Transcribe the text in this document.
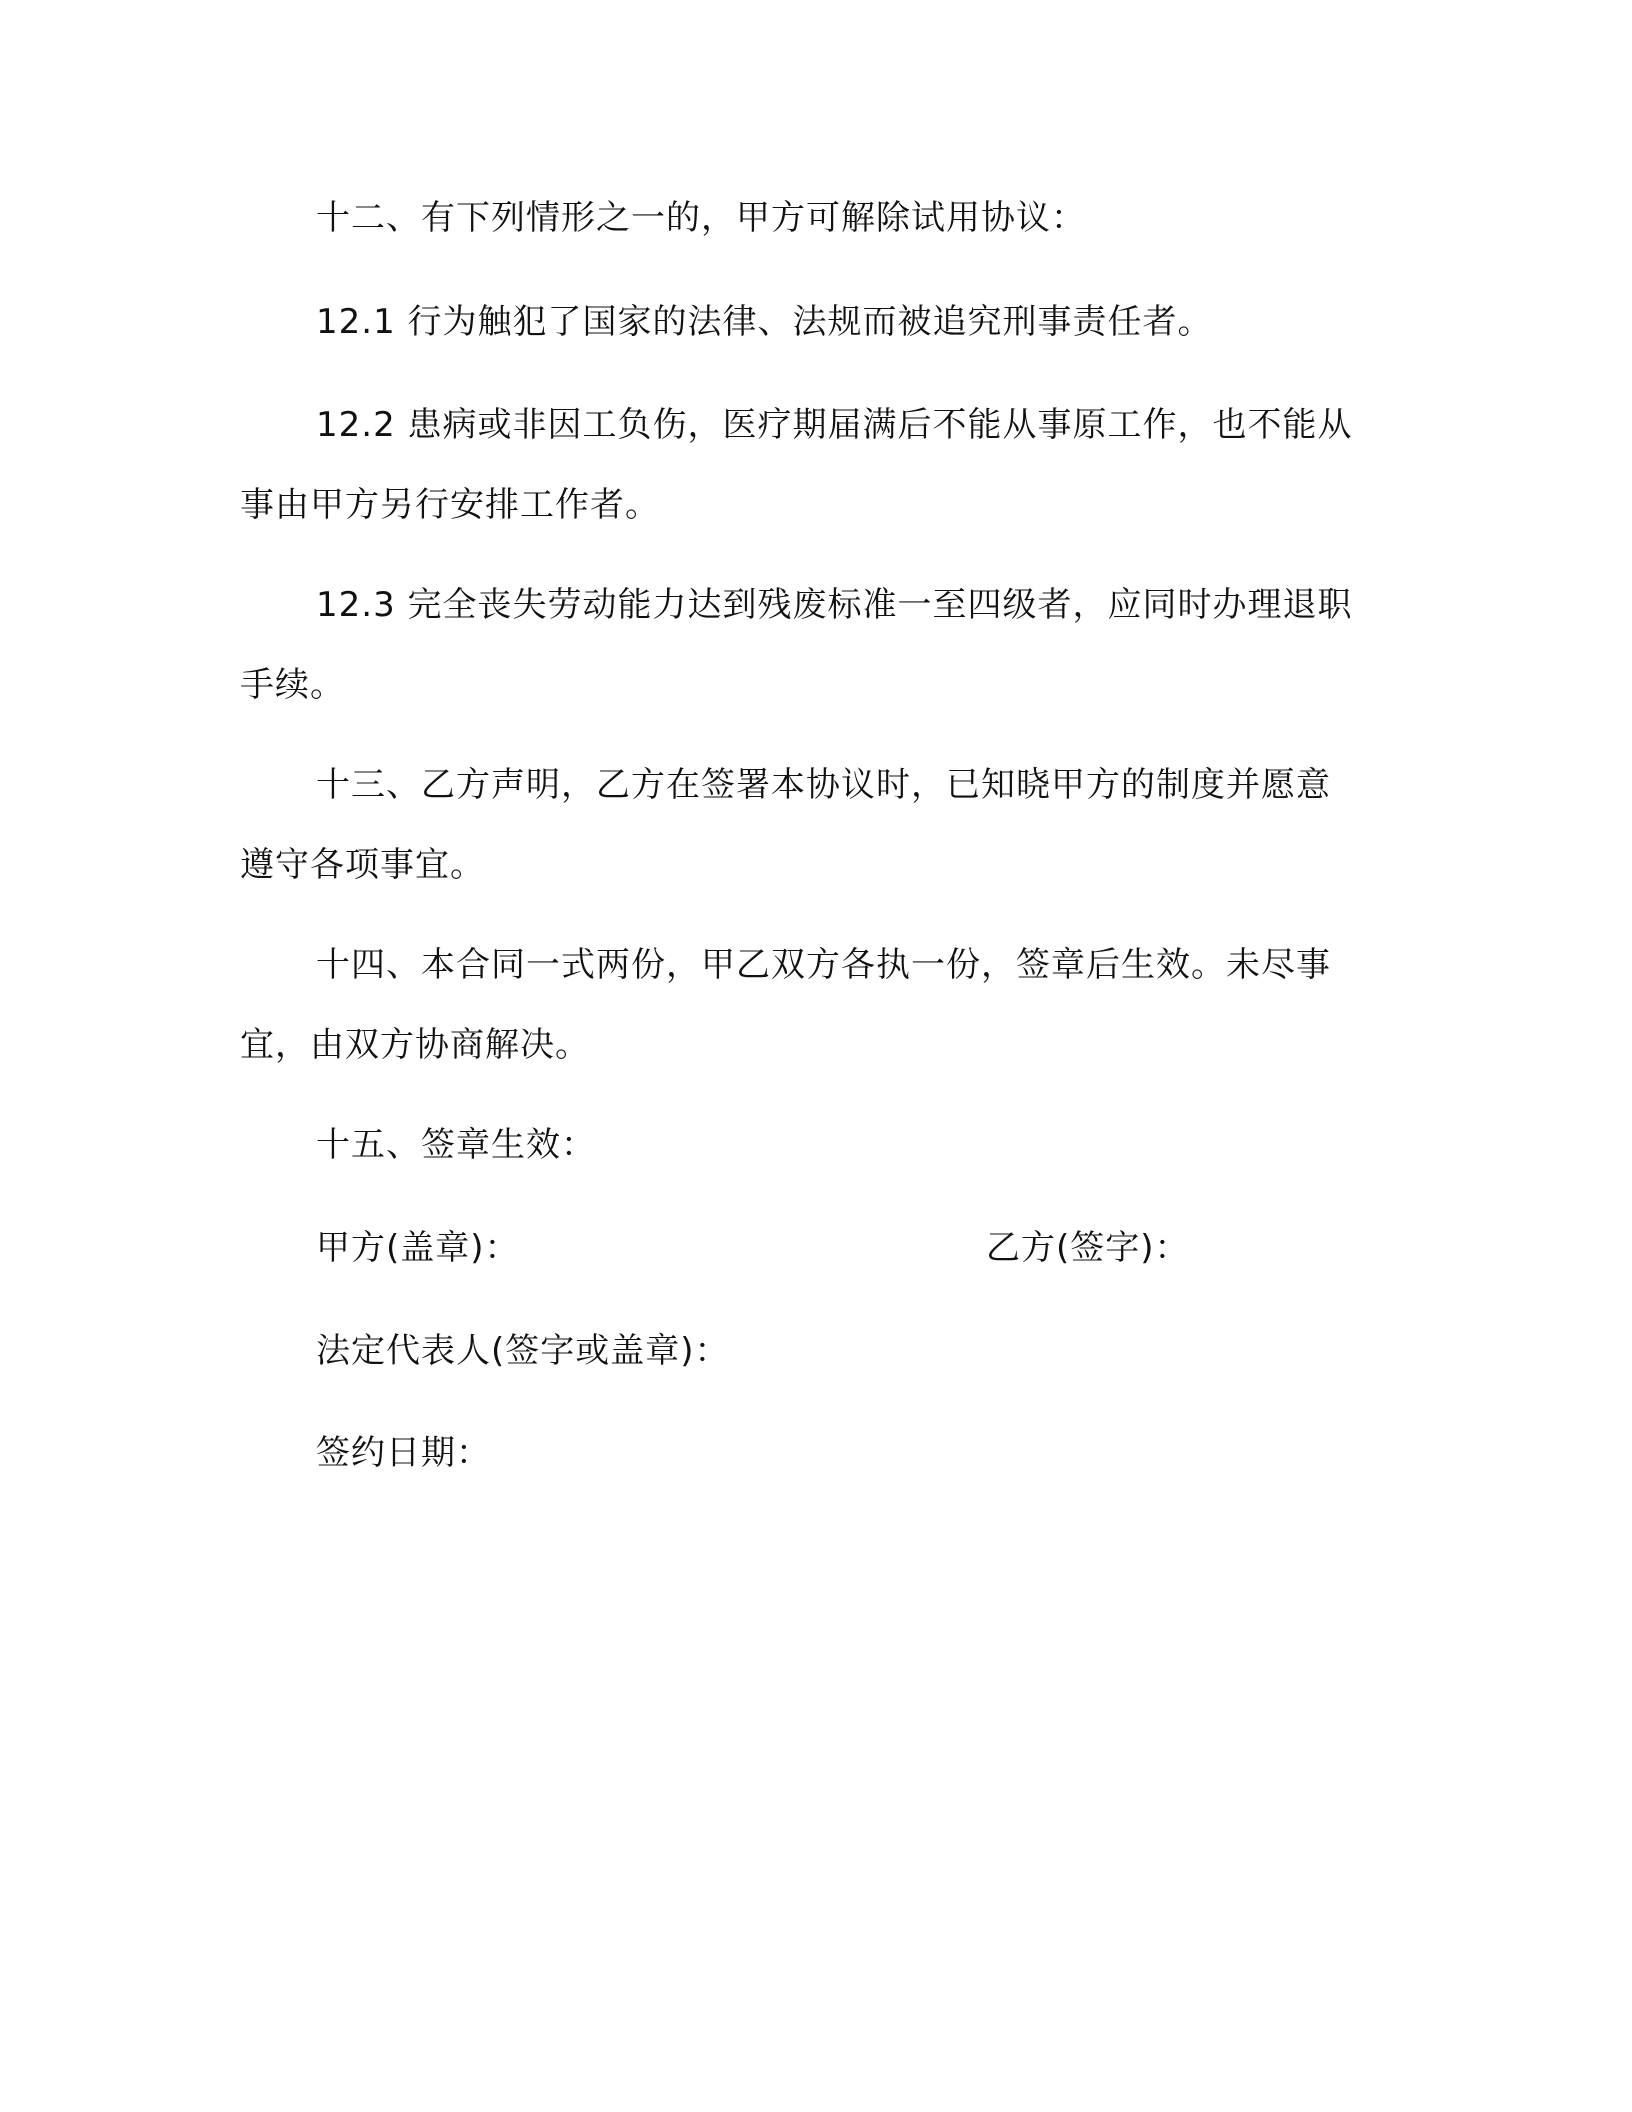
十二、有下列情形之一的，甲方可解除试用协议：

12.1 行为触犯了国家的法律、法规而被追究刑事责任者。

12.2 患病或非因工负伤，医疗期届满后不能从事原工作，也不能从事由甲方另行安排工作者。

12.3 完全丧失劳动能力达到残废标准一至四级者，应同时办理退职手续。

十三、乙方声明，乙方在签署本协议时，已知晓甲方的制度并愿意遵守各项事宜。

十四、本合同一式两份，甲乙双方各执一份，签章后生效。未尽事宜，由双方协商解决。

十五、签章生效：

甲方(盖章)：	乙方(签字)：

法定代表人(签字或盖章)：

签约日期：
